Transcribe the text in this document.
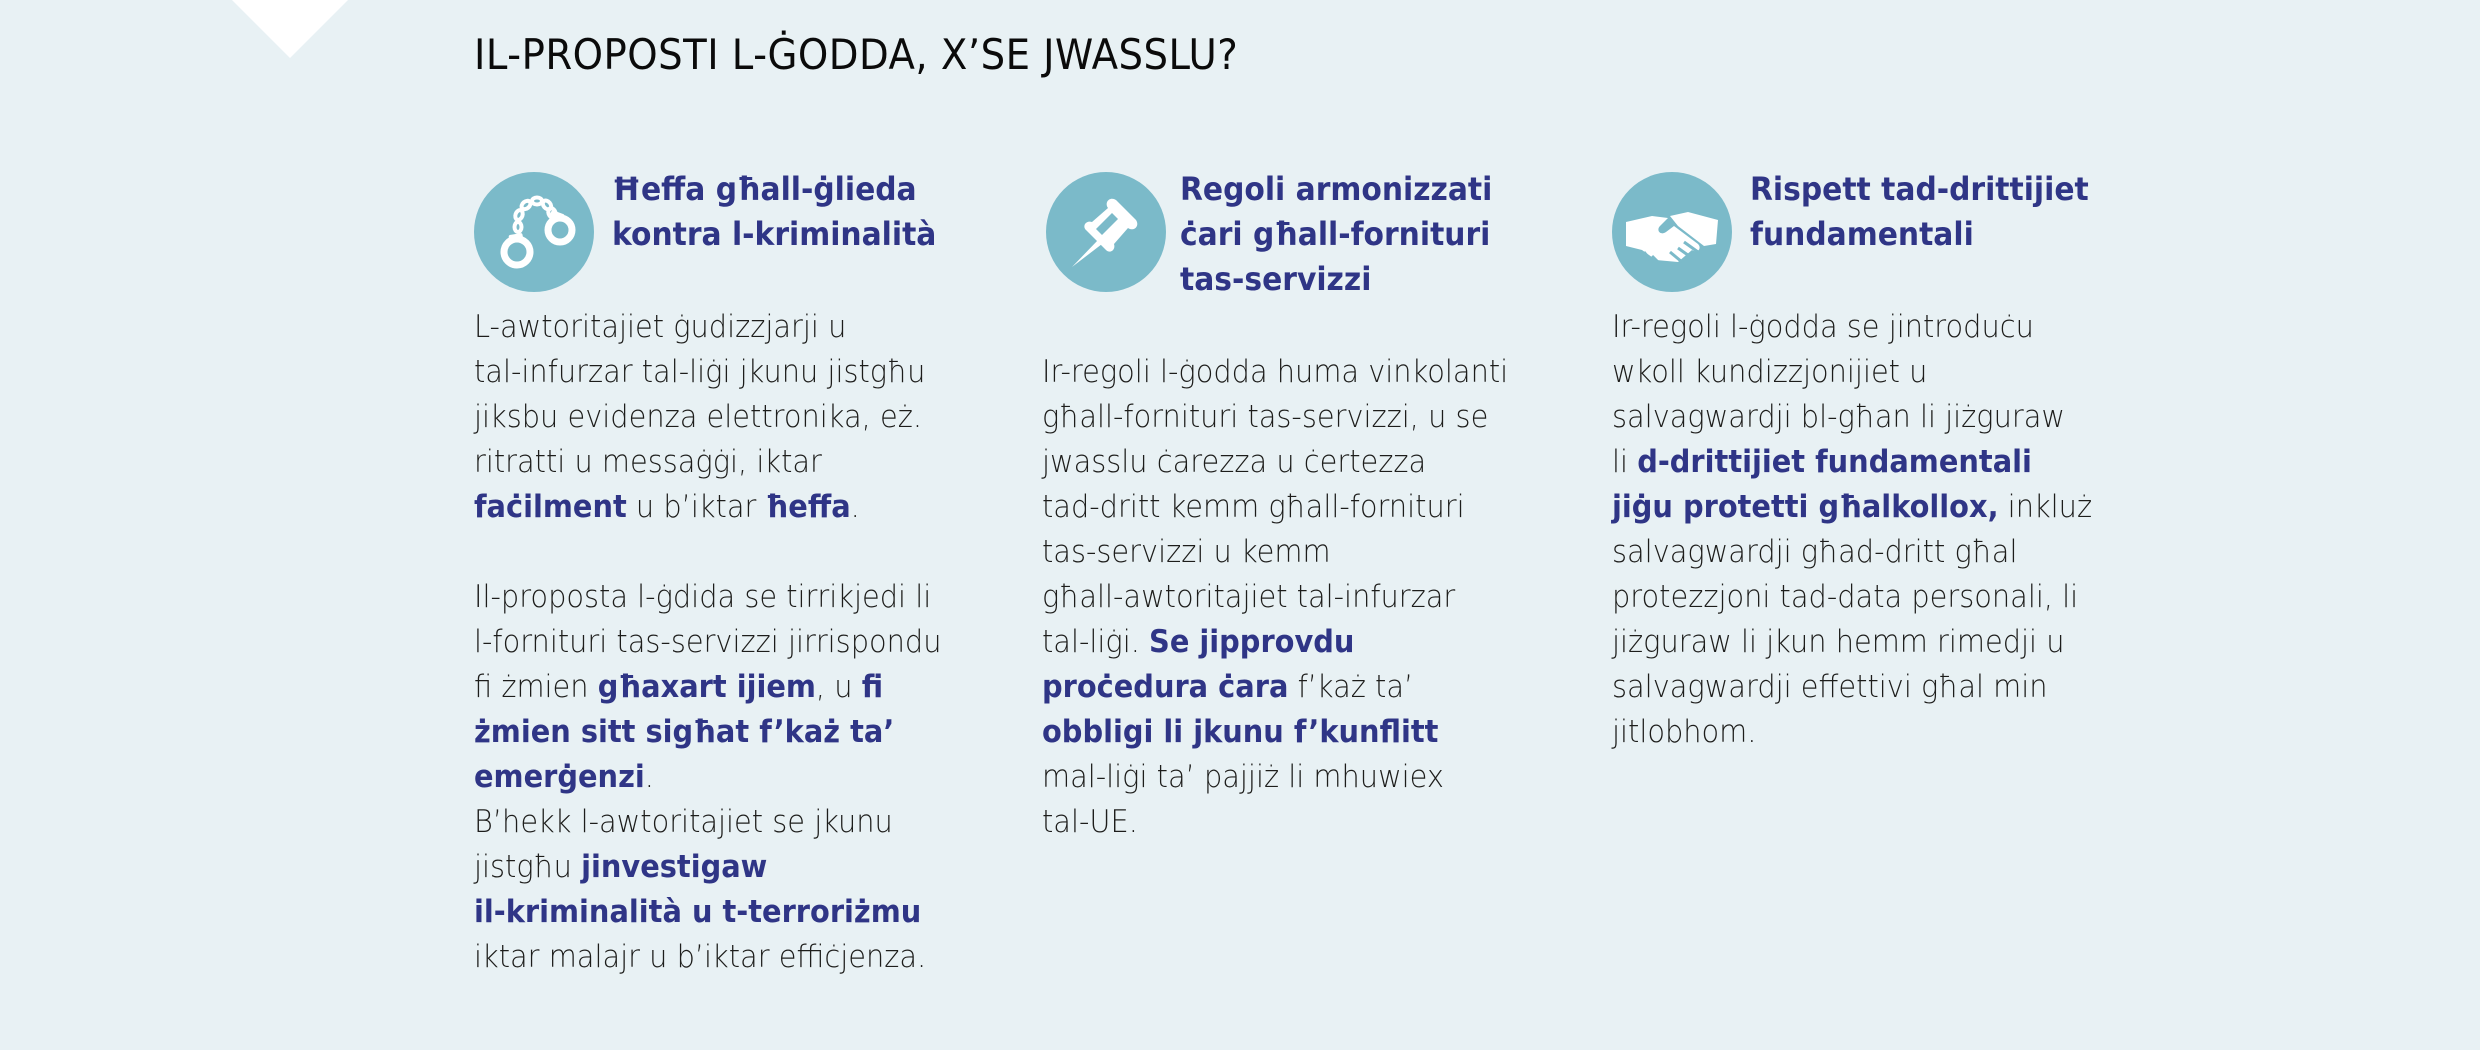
IL-PROPOSTI L-ĠODDA, X’SE JWASSLU?
Ħeffa għall-ġlieda
kontra l-kriminalità
L-awtoritajiet ġudizzjarji u
tal-infurzar tal-liġi jkunu jistgħu
jiksbu evidenza elettronika, eż.
ritratti u messaġġi, iktar
faċilment u b’iktar ħeffa.
Il-proposta l-ġdida se tirrikjedi li
l-fornituri tas-servizzi jirrispondu
fi żmien għaxart ijiem, u fi
żmien sitt sigħat f’każ ta’
emerġenzi.
B’hekk l-awtoritajiet se jkunu
jistgħu jinvestigaw
il-kriminalità u t-terroriżmu
iktar malajr u b’iktar effiċjenza.
Regoli armonizzati
ċari għall-fornituri
tas-servizzi
Ir-regoli l-ġodda huma vinkolanti
għall-fornituri tas-servizzi, u se
jwasslu ċarezza u ċertezza
tad-dritt kemm għall-fornituri
tas-servizzi u kemm
għall-awtoritajiet tal-infurzar
tal-liġi. Se jipprovdu
proċedura ċara f’każ ta’
obbligi li jkunu f’kunflitt
mal-liġi ta’ pajjiż li mhuwiex
tal-UE.
Rispett tad-drittijiet
fundamentali
Ir-regoli l-ġodda se jintroduċu
wkoll kundizzjonijiet u
salvagwardji bl-għan li jiżguraw
li d-drittijiet fundamentali
jiġu protetti għalkollox, inkluż
salvagwardji għad-dritt għal
protezzjoni tad-data personali, li
jiżguraw li jkun hemm rimedji u
salvagwardji effettivi għal min
jitlobhom.
